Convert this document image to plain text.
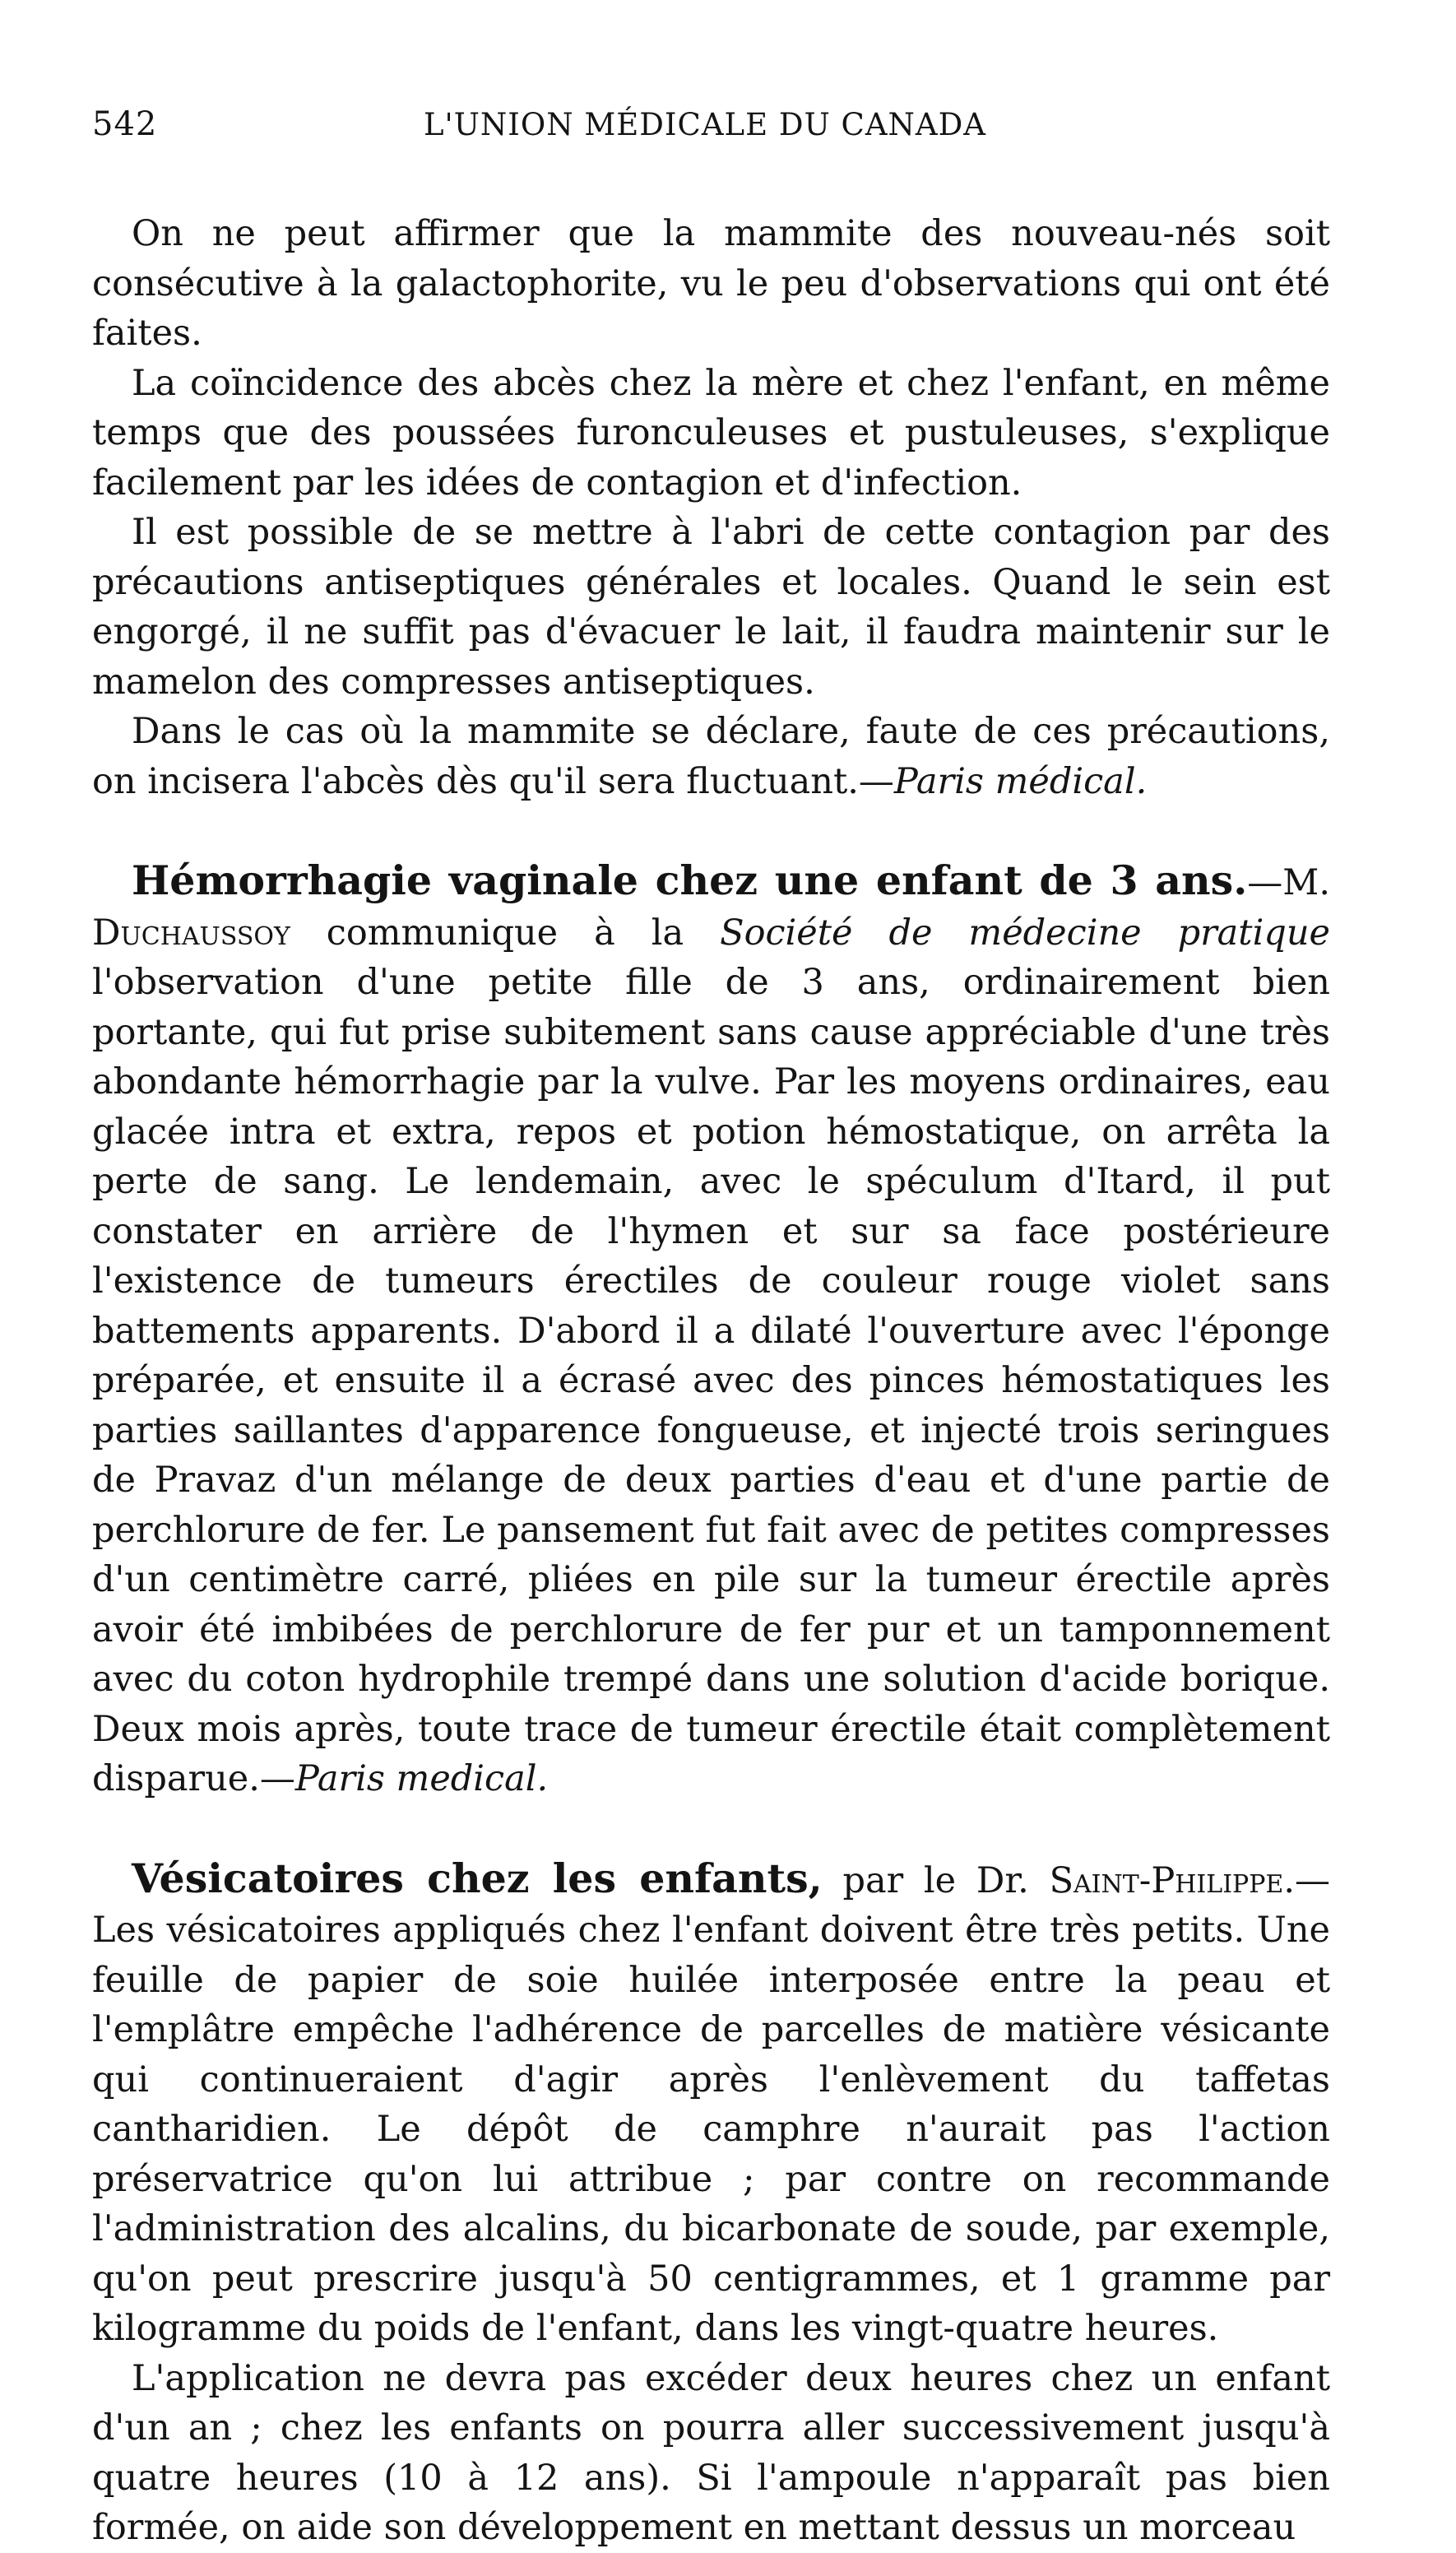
542	L'UNION MÉDICALE DU CANADA

On ne peut affirmer que la mammite des nouveau-nés soit consécutive à la galactophorite, vu le peu d'observations qui ont été faites.

La coïncidence des abcès chez la mère et chez l'enfant, en même temps que des poussées furonculeuses et pustuleuses, s'explique facilement par les idées de contagion et d'infection.

Il est possible de se mettre à l'abri de cette contagion par des précautions antiseptiques générales et locales. Quand le sein est engorgé, il ne suffit pas d'évacuer le lait, il faudra maintenir sur le mamelon des compresses antiseptiques.

Dans le cas où la mammite se déclare, faute de ces précautions, on incisera l'abcès dès qu'il sera fluctuant.—Paris médical.

Hémorrhagie vaginale chez une enfant de 3 ans.—M. Duchaussoy communique à la Société de médecine pratique l'observation d'une petite fille de 3 ans, ordinairement bien portante, qui fut prise subitement sans cause appréciable d'une très abondante hémorrhagie par la vulve. Par les moyens ordinaires, eau glacée intra et extra, repos et potion hémostatique, on arrêta la perte de sang. Le lendemain, avec le spéculum d'Itard, il put constater en arrière de l'hymen et sur sa face postérieure l'existence de tumeurs érectiles de couleur rouge violet sans battements apparents. D'abord il a dilaté l'ouverture avec l'éponge préparée, et ensuite il a écrasé avec des pinces hémostatiques les parties saillantes d'apparence fongueuse, et injecté trois seringues de Pravaz d'un mélange de deux parties d'eau et d'une partie de perchlorure de fer. Le pansement fut fait avec de petites compresses d'un centimètre carré, pliées en pile sur la tumeur érectile après avoir été imbibées de perchlorure de fer pur et un tamponnement avec du coton hydrophile trempé dans une solution d'acide borique. Deux mois après, toute trace de tumeur érectile était complètement disparue.—Paris medical.

Vésicatoires chez les enfants, par le Dr. Saint-Philippe.— Les vésicatoires appliqués chez l'enfant doivent être très petits. Une feuille de papier de soie huilée interposée entre la peau et l'emplâtre empêche l'adhérence de parcelles de matière vésicante qui continueraient d'agir après l'enlèvement du taffetas cantharidien. Le dépôt de camphre n'aurait pas l'action préservatrice qu'on lui attribue ; par contre on recommande l'administration des alcalins, du bicarbonate de soude, par exemple, qu'on peut prescrire jusqu'à 50 centigrammes, et 1 gramme par kilogramme du poids de l'enfant, dans les vingt-quatre heures.

L'application ne devra pas excéder deux heures chez un enfant d'un an ; chez les enfants on pourra aller successivement jusqu'à quatre heures (10 à 12 ans). Si l'ampoule n'apparaît pas bien formée, on aide son développement en mettant dessus un morceau
